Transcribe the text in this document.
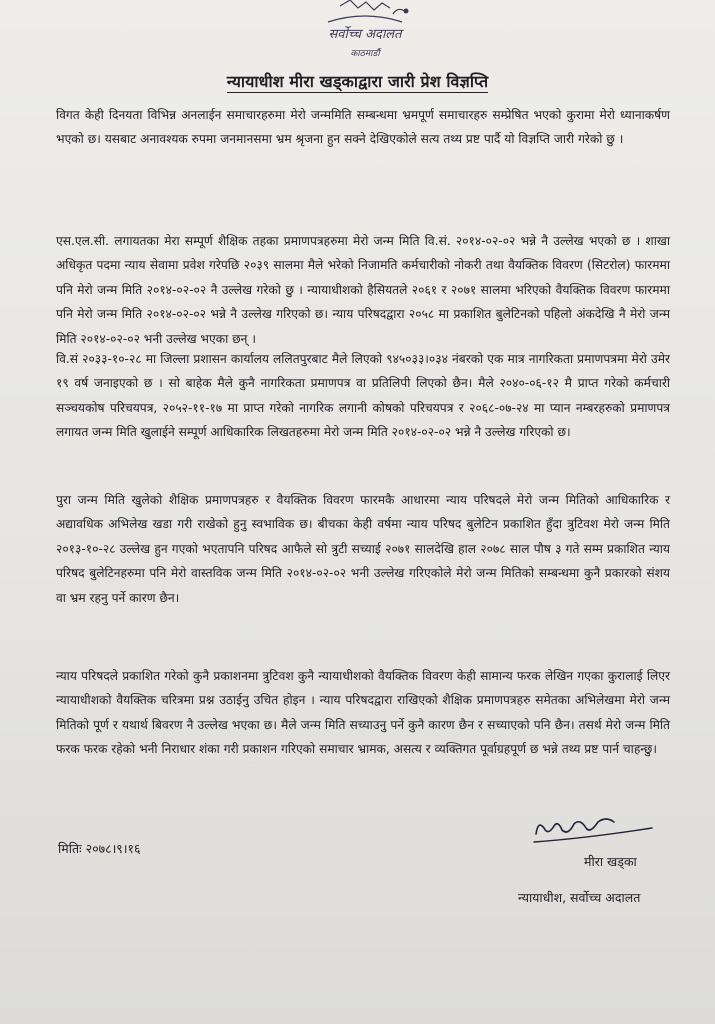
सर्वोच्च अदालत
काठमाडौं
न्यायाधीश मीरा खड्काद्वारा जारी प्रेश विज्ञप्ति

विगत केही दिनयता विभिन्न अनलाईन समाचारहरुमा मेरो जन्ममिति सम्बन्धमा भ्रमपूर्ण समाचारहरु सम्प्रेषित भएको कुरामा मेरो ध्यानाकर्षण भएको छ। यसबाट अनावश्यक रुपमा जनमानसमा भ्रम श्रृजना हुन सक्ने देखिएकोले सत्य तथ्य प्रष्ट पार्दै यो विज्ञप्ति जारी गरेको छु ।

एस.एल.सी. लगायतका मेरा सम्पूर्ण शैक्षिक तहका प्रमाणपत्रहरुमा मेरो जन्म मिति वि.सं. २०१४-०२-०२ भन्ने नै उल्लेख भएको छ । शाखा अधिकृत पदमा न्याय सेवामा प्रवेश गरेपछि २०३९ सालमा मैले भरेको निजामति कर्मचारीको नोकरी तथा वैयक्तिक विवरण (सिटरोल) फारममा पनि मेरो जन्म मिति २०१४-०२-०२ नै उल्लेख गरेको छु । न्यायाधीशको हैसियतले २०६१ र २०७१ सालमा भरिएको वैयक्तिक विवरण फारममा पनि मेरो जन्म मिति २०१४-०२-०२ भन्ने नै उल्लेख गरिएको छ। न्याय परिषदद्वारा २०५८ मा प्रकाशित बुलेटिनको पहिलो अंकदेखि नै मेरो जन्म मिति २०१४-०२-०२ भनी उल्लेख भएका छन् ।

वि.सं २०३३-१०-२८ मा जिल्ला प्रशासन कार्यालय ललितपुरबाट मैले लिएको ९४५०३३।०३४ नंबरको एक मात्र नागरिकता प्रमाणपत्रमा मेरो उमेर १९ वर्ष जनाइएको छ । सो बाहेक मैले कुनै नागरिकता प्रमाणपत्र वा प्रतिलिपी लिएको छैन। मैले २०४०-०६-१२ मै प्राप्त गरेको कर्मचारी सञ्चयकोष परिचयपत्र, २०५२-११-१७ मा प्राप्त गरेको नागरिक लगानी कोषको परिचयपत्र र २०६८-०७-२४ मा प्यान नम्बरहरुको प्रमाणपत्र लगायत जन्म मिति खुलाईने सम्पूर्ण आधिकारिक लिखतहरुमा मेरो जन्म मिति २०१४-०२-०२ भन्ने नै उल्लेख गरिएको छ।

पुरा जन्म मिति खुलेको शैक्षिक प्रमाणपत्रहरु र वैयक्तिक विवरण फारमकै आधारमा न्याय परिषदले मेरो जन्म मितिको आधिकारिक र अद्यावधिक अभिलेख खडा गरी राखेको हुनु स्वभाविक छ। बीचका केही वर्षमा न्याय परिषद बुलेटिन प्रकाशित हुँदा त्रुटिवश मेरो जन्म मिति २०१३-१०-२८ उल्लेख हुन गएको भएतापनि परिषद आफैले सो त्रुटी सच्याई २०७१ सालदेखि हाल २०७८ साल पौष ३ गते सम्म प्रकाशित न्याय परिषद बुलेटिनहरुमा पनि मेरो वास्तविक जन्म मिति २०१४-०२-०२ भनी उल्लेख गरिएकोले मेरो जन्म मितिको सम्बन्धमा कुनै प्रकारको संशय वा भ्रम रहनु पर्ने कारण छैन।

न्याय परिषदले प्रकाशित गरेको कुनै प्रकाशनमा त्रुटिवश कुनै न्यायाधीशको वैयक्तिक विवरण केही सामान्य फरक लेखिन गएका कुरालाई लिएर न्यायाधीशको वैयक्तिक चरित्रमा प्रश्न उठाईनु उचित होइन । न्याय परिषदद्वारा राखिएको शैक्षिक प्रमाणपत्रहरु समेतका अभिलेखमा मेरो जन्म मितिको पूर्ण र यथार्थ बिवरण नै उल्लेख भएका छ। मैले जन्म मिति सच्याउनु पर्ने कुनै कारण छैन र सच्याएको पनि छैन। तसर्थ मेरो जन्म मिति फरक फरक रहेको भनी निराधार शंका गरी प्रकाशन गरिएको समाचार भ्रामक, असत्य र व्यक्तिगत पूर्वाग्रहपूर्ण छ भन्ने तथ्य प्रष्ट पार्न चाहन्छु।

मितिः २०७८।९।१६
मीरा खड्का
न्यायाधीश, सर्वोच्च अदालत
